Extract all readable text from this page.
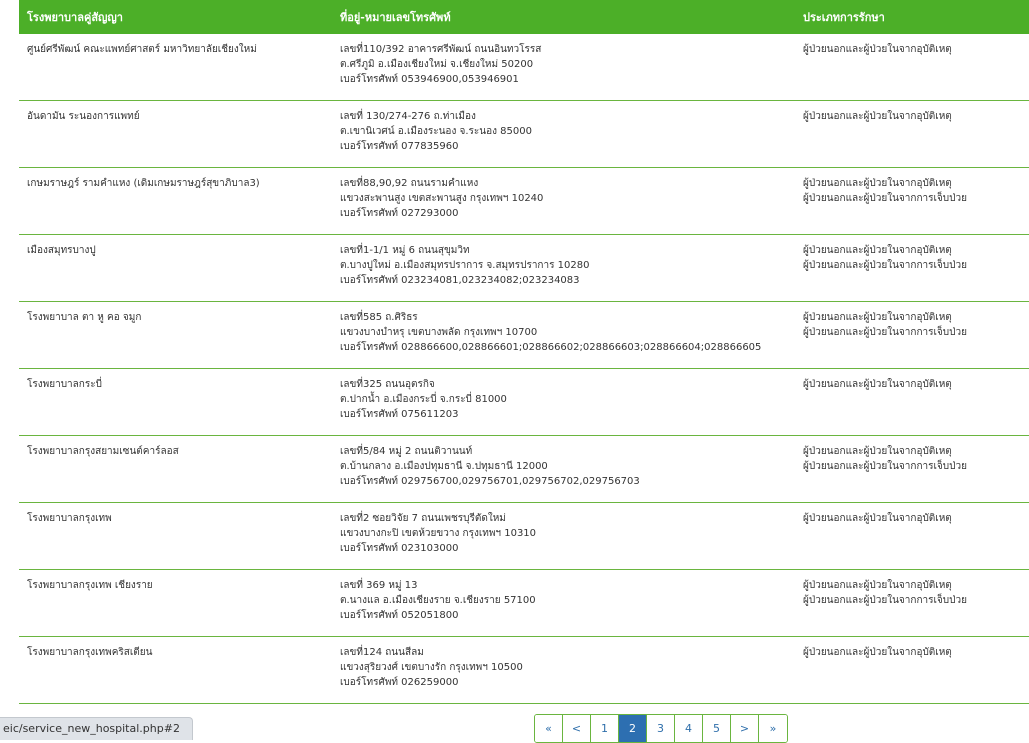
โรงพยาบาลคู่สัญญา	ที่อยู่-หมายเลขโทรศัพท์	ประเภทการรักษา

ศูนย์ศรีพัฒน์ คณะแพทย์ศาสตร์ มหาวิทยาลัยเชียงใหม่	เลขที่110/392 อาคารศรีพัฒน์ ถนนอินทวโรรส
ต.ศรีภูมิ อ.เมืองเชียงใหม่ จ.เชียงใหม่ 50200
เบอร์โทรศัพท์ 053946900,053946901	ผู้ป่วยนอกและผู้ป่วยในจากอุบัติเหตุ

อันดามัน ระนองการแพทย์	เลขที่ 130/274-276 ถ.ท่าเมือง
ต.เขานิเวศน์ อ.เมืองระนอง จ.ระนอง 85000
เบอร์โทรศัพท์ 077835960	ผู้ป่วยนอกและผู้ป่วยในจากอุบัติเหตุ

เกษมราษฎร์ รามคำแหง (เดิมเกษมราษฎร์สุขาภิบาล3)	เลขที่88,90,92 ถนนรามคำแหง
แขวงสะพานสูง เขตสะพานสูง กรุงเทพฯ 10240
เบอร์โทรศัพท์ 027293000	ผู้ป่วยนอกและผู้ป่วยในจากอุบัติเหตุ
ผู้ป่วยนอกและผู้ป่วยในจากการเจ็บป่วย

เมืองสมุทรบางปู	เลขที่1-1/1 หมู่ 6 ถนนสุขุมวิท
ต.บางปูใหม่ อ.เมืองสมุทรปราการ จ.สมุทรปราการ 10280
เบอร์โทรศัพท์ 023234081,023234082;023234083	ผู้ป่วยนอกและผู้ป่วยในจากอุบัติเหตุ
ผู้ป่วยนอกและผู้ป่วยในจากการเจ็บป่วย

โรงพยาบาล ตา หู คอ จมูก	เลขที่585 ถ.ศิริธร
แขวงบางบำหรุ เขตบางพลัด กรุงเทพฯ 10700
เบอร์โทรศัพท์ 028866600,028866601;028866602;028866603;028866604;028866605	ผู้ป่วยนอกและผู้ป่วยในจากอุบัติเหตุ
ผู้ป่วยนอกและผู้ป่วยในจากการเจ็บป่วย

โรงพยาบาลกระบี่	เลขที่325 ถนนอุตรกิจ
ต.ปากน้ำ อ.เมืองกระบี่ จ.กระบี่ 81000
เบอร์โทรศัพท์ 075611203	ผู้ป่วยนอกและผู้ป่วยในจากอุบัติเหตุ

โรงพยาบาลกรุงสยามเซนต์คาร์ลอส	เลขที่5/84 หมู่ 2 ถนนติวานนท์
ต.บ้านกลาง อ.เมืองปทุมธานี จ.ปทุมธานี 12000
เบอร์โทรศัพท์ 029756700,029756701,029756702,029756703	ผู้ป่วยนอกและผู้ป่วยในจากอุบัติเหตุ
ผู้ป่วยนอกและผู้ป่วยในจากการเจ็บป่วย

โรงพยาบาลกรุงเทพ	เลขที่2 ซอยวิจัย 7 ถนนเพชรบุรีตัดใหม่
แขวงบางกะปิ เขตห้วยขวาง กรุงเทพฯ 10310
เบอร์โทรศัพท์ 023103000	ผู้ป่วยนอกและผู้ป่วยในจากอุบัติเหตุ

โรงพยาบาลกรุงเทพ เชียงราย	เลขที่ 369 หมู่ 13
ต.นางแล อ.เมืองเชียงราย จ.เชียงราย 57100
เบอร์โทรศัพท์ 052051800	ผู้ป่วยนอกและผู้ป่วยในจากอุบัติเหตุ
ผู้ป่วยนอกและผู้ป่วยในจากการเจ็บป่วย

โรงพยาบาลกรุงเทพคริสเตียน	เลขที่124 ถนนสีลม
แขวงสุริยวงศ์ เขตบางรัก กรุงเทพฯ 10500
เบอร์โทรศัพท์ 026259000	ผู้ป่วยนอกและผู้ป่วยในจากอุบัติเหตุ
«	<	1	2	3	4	5	>	»
eic/service_new_hospital.php#2
